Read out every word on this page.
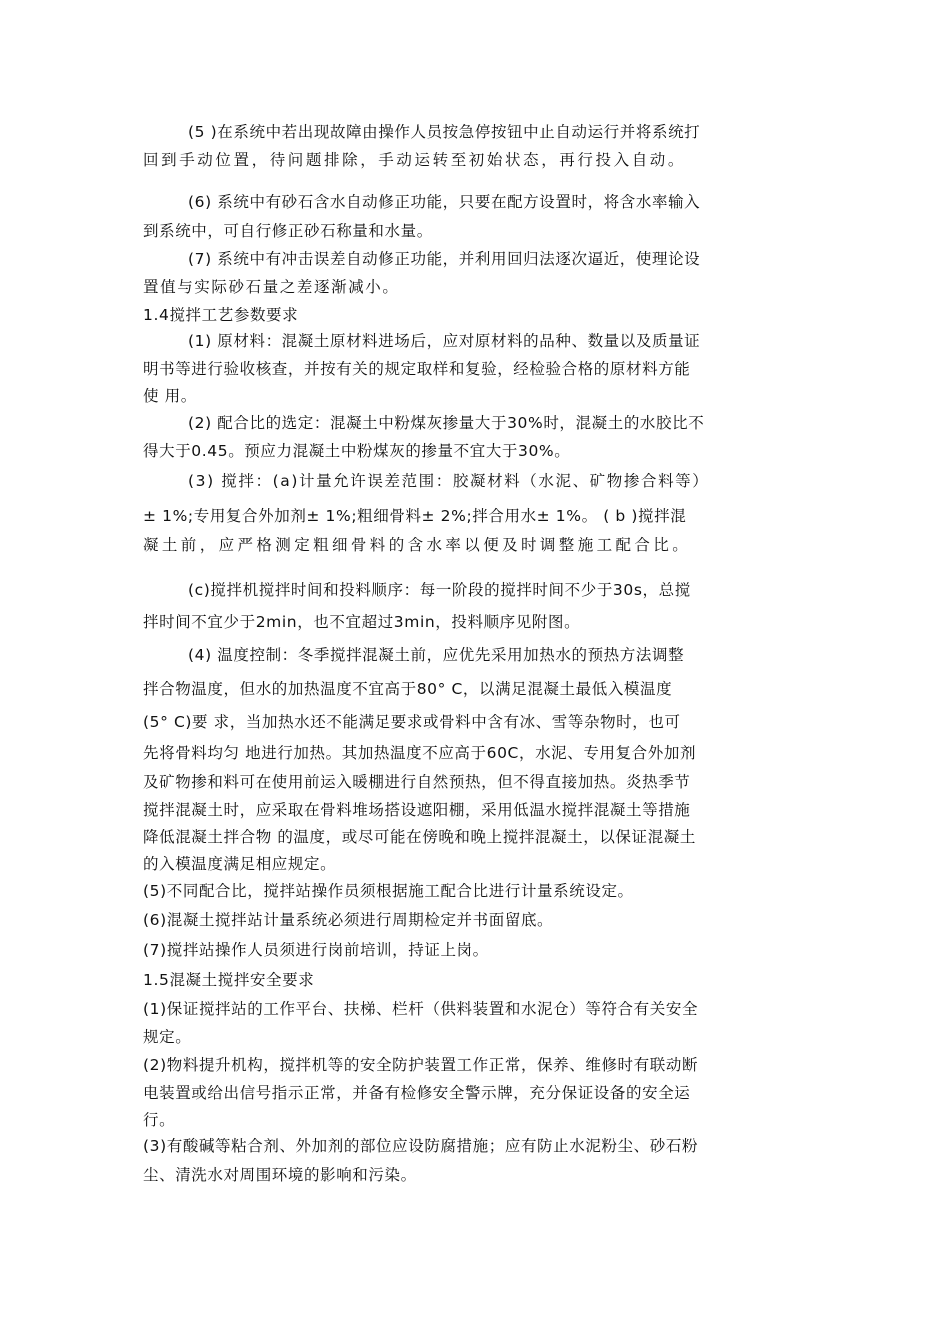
(5 )在系统中若出现故障由操作人员按急停按钮中止自动运行并将系统打
回到手动位置，待问题排除，手动运转至初始状态，再行投入自动。
(6) 系统中有砂石含水自动修正功能，只要在配方设置时，将含水率输入
到系统中，可自行修正砂石称量和水量。
(7) 系统中有冲击误差自动修正功能，并利用回归法逐次逼近，使理论设
置值与实际砂石量之差逐渐减小。
1.4搅拌工艺参数要求
(1) 原材料：混凝土原材料进场后，应对原材料的品种、数量以及质量证
明书等进行验收核查，并按有关的规定取样和复验，经检验合格的原材料方能
使 用。
(2) 配合比的选定：混凝土中粉煤灰掺量大于30%时，混凝土的水胶比不
得大于0.45。预应力混凝土中粉煤灰的掺量不宜大于30%。
(3) 搅拌：(a)计量允许误差范围：胶凝材料（水泥、矿物掺合料等）
± 1%;专用复合外加剂± 1%;粗细骨料± 2%;拌合用水± 1%。 ( b )搅拌混
凝土前，应严格测定粗细骨料的含水率以便及时调整施工配合比。
(c)搅拌机搅拌时间和投料顺序：每一阶段的搅拌时间不少于30s，总搅
拌时间不宜少于2min，也不宜超过3min，投料顺序见附图。
(4) 温度控制：冬季搅拌混凝土前，应优先采用加热水的预热方法调整
拌合物温度，但水的加热温度不宜高于80° C，以满足混凝土最低入模温度
(5° C)要 求，当加热水还不能满足要求或骨料中含有冰、雪等杂物时，也可
先将骨料均匀 地进行加热。其加热温度不应高于60C，水泥、专用复合外加剂
及矿物掺和料可在使用前运入暖棚进行自然预热，但不得直接加热。炎热季节
搅拌混凝土时，应采取在骨料堆场搭设遮阳棚，采用低温水搅拌混凝土等措施
降低混凝土拌合物 的温度，或尽可能在傍晚和晚上搅拌混凝土，以保证混凝土
的入模温度满足相应规定。
(5)不同配合比，搅拌站操作员须根据施工配合比进行计量系统设定。
(6)混凝土搅拌站计量系统必须进行周期检定并书面留底。
(7)搅拌站操作人员须进行岗前培训，持证上岗。
1.5混凝土搅拌安全要求
(1)保证搅拌站的工作平台、扶梯、栏杆（供料装置和水泥仓）等符合有关安全
规定。
(2)物料提升机构，搅拌机等的安全防护装置工作正常，保养、维修时有联动断
电装置或给出信号指示正常，并备有检修安全警示牌，充分保证设备的安全运
行。
(3)有酸碱等粘合剂、外加剂的部位应设防腐措施；应有防止水泥粉尘、砂石粉
尘、清洗水对周围环境的影响和污染。
